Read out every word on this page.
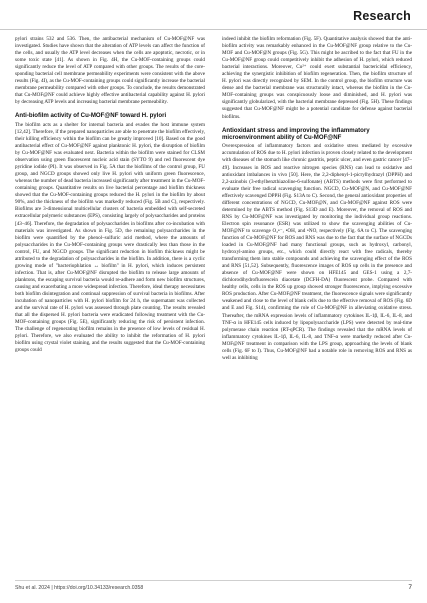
Research

pylori strains 532 and 536. Then, the antibacterial mechanism of Cu-MOF@NF was investigated. Studies have shown that the alteration of ATP levels can affect the function of the cells, and usually the ATP level decreases when the cells are apoptotic, necrotic, or in some toxic state [41]. As shown in Fig. 4H, the Cu-MOF-containing groups could significantly reduce the level of ATP compared with other groups. The results of the core-sponding bacterial cell membrane permeability experiments were consistent with the above results (Fig. 4I), as the Cu-MOF-containing groups could significantly increase the bacterial membrane permeability compared with other groups. To conclude, the results demonstrated that Cu-MOF@NF could achieve highly effective antibacterial capability against H. pylori by decreasing ATP levels and increasing bacterial membrane permeability.

Anti-biofilm activity of Cu-MOF@NF toward H. pylori

The biofilm acts as a shelter for internal bacteria and evades the host immune system [12,42]. Therefore, if the prepared nanoparticles are able to penetrate the biofilm effectively, their killing efficiency within the biofilm can be greatly improved [10]. Based on the good antibacterial effect of Cu-MOF@NF against planktonic H. pylori, the disruption of biofilm by Cu-MOF@NF was evaluated next. Bacteria within the biofilm were stained for CLSM observation using green fluorescent nucleic acid stain (SYTO 9) and red fluorescent dye pyridine iodide (PI). It was observed in Fig. 5A that the biofilms of the control group, FU group, and NGCD groups showed only live H. pylori with uniform green fluorescence, whereas the number of dead bacteria increased significantly after treatment in the Cu-MOF-containing groups. Quantitative results on live bacterial percentage and biofilm thickness showed that the Cu-MOF-containing groups reduced the H. pylori in the biofilm by about 90%, and the thickness of the biofilm was markedly reduced (Fig. 5B and C), respectively. Biofilms are 3-dimensional multicellular clusters of bacteria embedded with self-secreted extracellular polymeric substances (EPS), consisting largely of polysaccharides and proteins [43–46]. Therefore, the degradation of polysaccharides in biofilms after co-incubation with materials was investigated. As shown in Fig. 5D, the remaining polysaccharides in the biofilm were quantified by the phenol–sulfuric acid method, where the amounts of polysaccharides in the Cu-MOF-containing groups were drastically less than those in the control, FU, and NGCD groups. The significant reduction in biofilm thickness might be attributed to the degradation of polysaccharides in the biofilm. In addition, there is a cyclic growing mode of "bacteriophlation ↔ biofilm" in H. pylori, which induces persistent infection. That is, after Cu-MOF@NF disrupted the biofilm to release large amounts of planktons, the escaping survival bacteria would re-adhere and form new biofilm structures, causing and exacerbating a more widespread infection. Therefore, ideal therapy necessitates both biofilm disintegration and continual suppression of survival bacteria in biofilms. After incubation of nanoparticles with H. pylori biofilm for 24 h, the supernatant was collected and the survival rate of H. pylori was assessed through plate counting. The results revealed that all the dispersed H. pylori bacteria were eradicated following treatment with the Cu-MOF-containing groups (Fig. 5E), significantly reducing the risk of persistent infection. The challenge of regenerating biofilm remains in the presence of low levels of residual H. pylori. Therefore, we also evaluated the ability to inhibit the reformation of H. pylori biofilm using crystal violet staining, and the results suggested that the Cu-MOF-containing groups could

indeed inhibit the biofilm reformation (Fig. 5F). Quantitative analysis showed that the anti-biofilm activity was remarkably enhanced in the Cu-MOF@NF group relative to the Cu-MOF and Cu-MOF@N groups (Fig. 5G). This might be ascribed to the fact that FU in the Cu-MOF@NF group could competitively inhibit the adhesion of H. pylori, which reduced bacterial interactions. Moreover, Cu²⁺ could exert substantial bactericidal efficiency, achieving the synergistic inhibition of biofilm regeneration. Then, the biofilm structure of H. pylori was directly recognized by SEM. In the control group, the biofilm structure was dense and the bacterial membrane was structurally intact, whereas the biofilm in the Cu-MOF-containing groups was conspicuously loose and diminished, and H. pylori was significantly globularized, with the bacterial membrane depressed (Fig. 5H). These findings suggested that Cu-MOF@NF might be a potential candidate for defense against bacterial biofilms.

Antioxidant stress and improving the inflammatory microenvironment ability of Cu-MOF@NF

Overexpression of inflammatory factors and oxidative stress mediated by excessive accumulation of ROS due to H. pylori infection is proven closely related to the development with diseases of the stomach like chronic gastritis, peptic ulcer, and even gastric cancer [47–49]. Increases in ROS and reactive nitrogen species (RNS) can lead to oxidative and antioxidant imbalances in vivo [50]. Here, the 2,2-diphenyl-1-picrylhydrazyl (DPPH) and 2,2-azinobis (3-ethylbenzthiazoline-6-sulfonate) (ABTS) methods were first performed to evaluate their free radical scavenging function. NGCD, Cu-MOF@N, and Cu-MOF@NF effectively scavenged DPPH (Fig. S13A to C). Second, the general antioxidant properties of different concentrations of NGCD, Cu-MOF@N, and Cu-MOF@NF against ROS were determined by the ABTS method (Fig. S13D and E). Moreover, the removal of ROS and RNS by Cu-MOF@NF was investigated by monitoring the individual group reactions. Electron spin resonance (ESR) was utilized to show the scavenging abilities of Cu-MOF@NF to scavenge O₂•⁻, •OH, and •NO, respectively (Fig. 6A to C). The scavenging function of Cu-MOF@NF for ROS and RNS was due to the fact that the surface of NGCDs loaded in Cu-MOF@NF had many functional groups, such as hydroxyl, carbonyl, hydroxyl-amino groups, etc., which could directly react with free radicals, thereby transforming them into stable compounds and achieving the scavenging effect of the ROS and RNS [51,52]. Subsequently, fluorescence images of ROS up cells in the presence and absence of Cu-MOF@NF were shown on HFE145 and GES-1 using a 2,7-dichlorodihydrofluorescein diacetate (DCFH-DA) fluorescent probe. Compared with healthy cells, cells in the ROS up group showed stronger fluorescence, implying excessive ROS production. After Cu-MOF@NF treatment, the fluorescence signals were significantly weakened and close to the level of blank cells due to the effective removal of ROS (Fig. 6D and E and Fig. S14), confirming the role of Cu-MOF@NF in alleviating oxidative stress. Thereafter, the mRNA expression levels of inflammatory cytokines IL-1β, IL-6, IL-8, and TNF-α in HFE145 cells induced by lipopolysaccharide (LPS) were detected by real-time polymerase chain reaction (RT-qPCR). The findings revealed that the mRNA levels of inflammatory cytokines IL-1β, IL-6, IL-8, and TNF-α were markedly reduced after Cu-MOF@NF treatment in comparison with the LPS group, approaching the levels of blank cells (Fig. 6F to I). Thus, Cu-MOF@NF had a notable role in removing ROS and RNS as well as inhibiting

Shu et al. 2024 | https://doi.org/10.34133/research.0358	7
